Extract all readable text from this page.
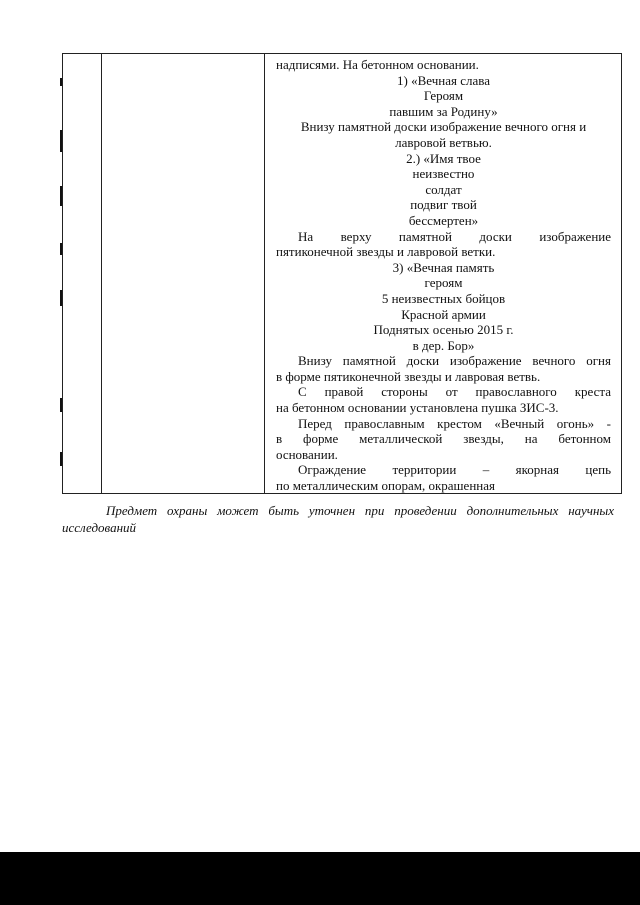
надписями. На бетонном основании.
1) «Вечная слава
Героям
павшим за Родину»
Внизу памятной доски изображение вечного огня и
лавровой ветвью.
2.) «Имя твое
неизвестно
солдат
подвиг твой
бессмертен»
На верху памятной доски изображение
пятиконечной звезды и лавровой ветки.
3) «Вечная память
героям
5 неизвестных бойцов
Красной армии
Поднятых осенью 2015 г.
в дер. Бор»
Внизу памятной доски изображение вечного огня
в форме пятиконечной звезды и лавровая ветвь.
С правой стороны от православного креста
на бетонном основании установлена пушка ЗИС-3.
Перед православным крестом «Вечный огонь» -
в форме металлической звезды, на бетонном
основании.
Ограждение территории – якорная цепь
по металлическим опорам, окрашенная
Предмет охраны может быть уточнен при проведении дополнительных научных
исследований
